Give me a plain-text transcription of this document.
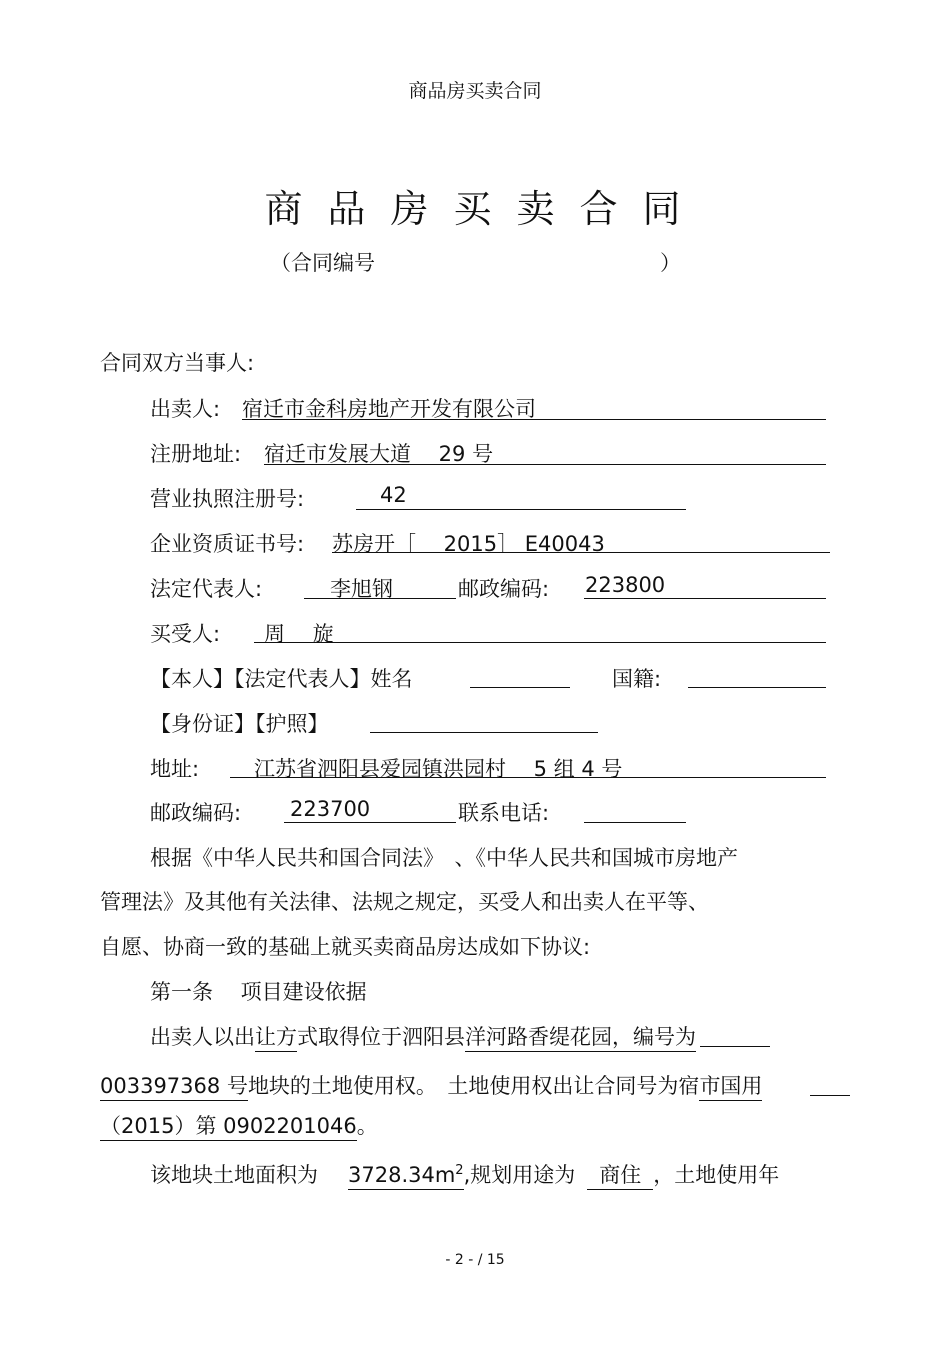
商品房买卖合同
商品房买卖合同
（合同编号	）
合同双方当事人:
出卖人: 宿迁市金科房地产开发有限公司
注册地址: 宿迁市发展大道　 29 号
营业执照注册号:	42
企业资质证书号: 苏房开［　 2015］ E40043
法定代表人:	李旭钢	邮政编码: 223800
买受人: 周　 旋
【本人】【法定代表人】姓名	国籍:
【身份证】【护照】
地址:	江苏省泗阳县爱园镇洪园村　 5 组 4 号
邮政编码: 223700	联系电话:
根据《中华人民共和国合同法》　、《中华人民共和国城市房地产
管理法》及其他有关法律、法规之规定，买受人和出卖人在平等、
自愿、协商一致的基础上就买卖商品房达成如下协议:
第一条　 项目建设依据
出卖人以出让方式取得位于泗阳县洋河路香缇花园，编号为
003397368 号地块的土地使用权。　土地使用权出让合同号为宿市国用
（2015）第 0902201046。
该地块土地面积为 $3728.34m^2$,规划用途为 商住 ，土地使用年
- 2 - / 15
